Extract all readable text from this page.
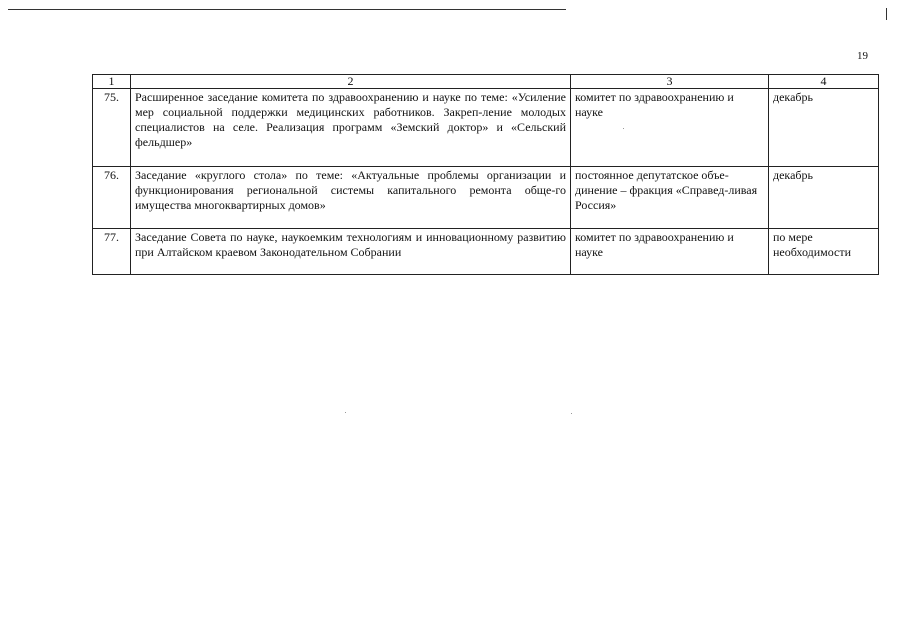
19
1	2	3	4
75.	Расширенное заседание комитета по здравоохранению и науке по теме: «Усиление мер социальной поддержки медицинских работников. Закреп-ление молодых специалистов на селе. Реализация программ «Земский доктор» и «Сельский фельдшер»	комитет по здравоохранению и науке	декабрь
76.	Заседание «круглого стола» по теме: «Актуальные проблемы организации и функционирования региональной системы капитального ремонта обще-го имущества многоквартирных домов»	постоянное депутатское объе-динение – фракция «Справед-ливая Россия»	декабрь
77.	Заседание Совета по науке, наукоемким технологиям и инновационному развитию при Алтайском краевом Законодательном Собрании	комитет по здравоохранению и науке	по мере необходимости
